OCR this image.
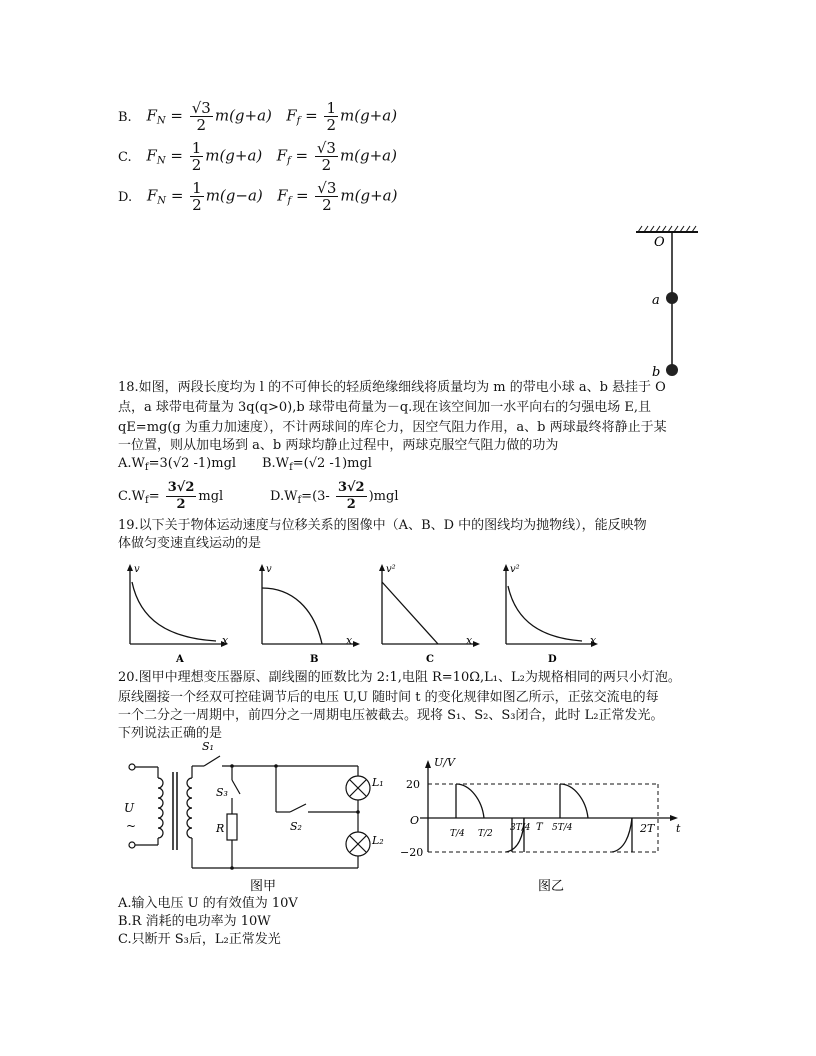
B. $F_N = \frac{√3}{2} m(g+a) F_f = \frac{1}{2} m(g+a)$
C. $F_N = \frac{1}{2} m(g+a) F_f = \frac{√3}{2} m(g+a)$
D. $F_N = \frac{1}{2} m(g-a) F_f = \frac{√3}{2} m(g+a)$
O
a
b
18.如图，两段长度均为 l 的不可伸长的轻质绝缘细线将质量均为 m 的带电小球 a、b 悬挂于 O
点，a 球带电荷量为 3q(q>0),b 球带电荷量为－q.现在该空间加一水平向右的匀强电场 E,且
qE=mg(g 为重力加速度），不计两球间的库仑力，因空气阻力作用，a、b 两球最终将静止于某
一位置，则从加电场到 a、b 两球均静止过程中，两球克服空气阻力做的功为
$A.W_f=3(√2$ -1)mgl $B.W_f=(√2$ -1)mgl
$C.W_f= \frac{3√2}{2}$ mgl	$D.W_f=(3- \frac{3√2}{2} )mgl$
19.以下关于物体运动速度与位移关系的图像中（A、B、D 中的图线均为抛物线），能反映物
体做匀变速直线运动的是
v
x
A
v
x
B
v²
x
C
v²
x
D
20.图甲中理想变压器原、副线圈的匝数比为 2:1,电阻 R=10Ω,L₁、L₂为规格相同的两只小灯泡。
原线圈接一个经双可控硅调节后的电压 U,U 随时间 t 的变化规律如图乙所示，正弦交流电的每
一个二分之一周期中，前四分之一周期电压被截去。现将 S₁、S₂、S₃闭合，此时 L₂正常发光。
下列说法正确的是
U
~
S₁
S₃
R	S₂
L₁
L₂
图甲
U/V
20
O
−20
t
T/4 T/2
3T/4 T 5T/4	2T
图乙
A.输入电压 U 的有效值为 10V
B.R 消耗的电功率为 10W
C.只断开 S₃后，L₂正常发光
